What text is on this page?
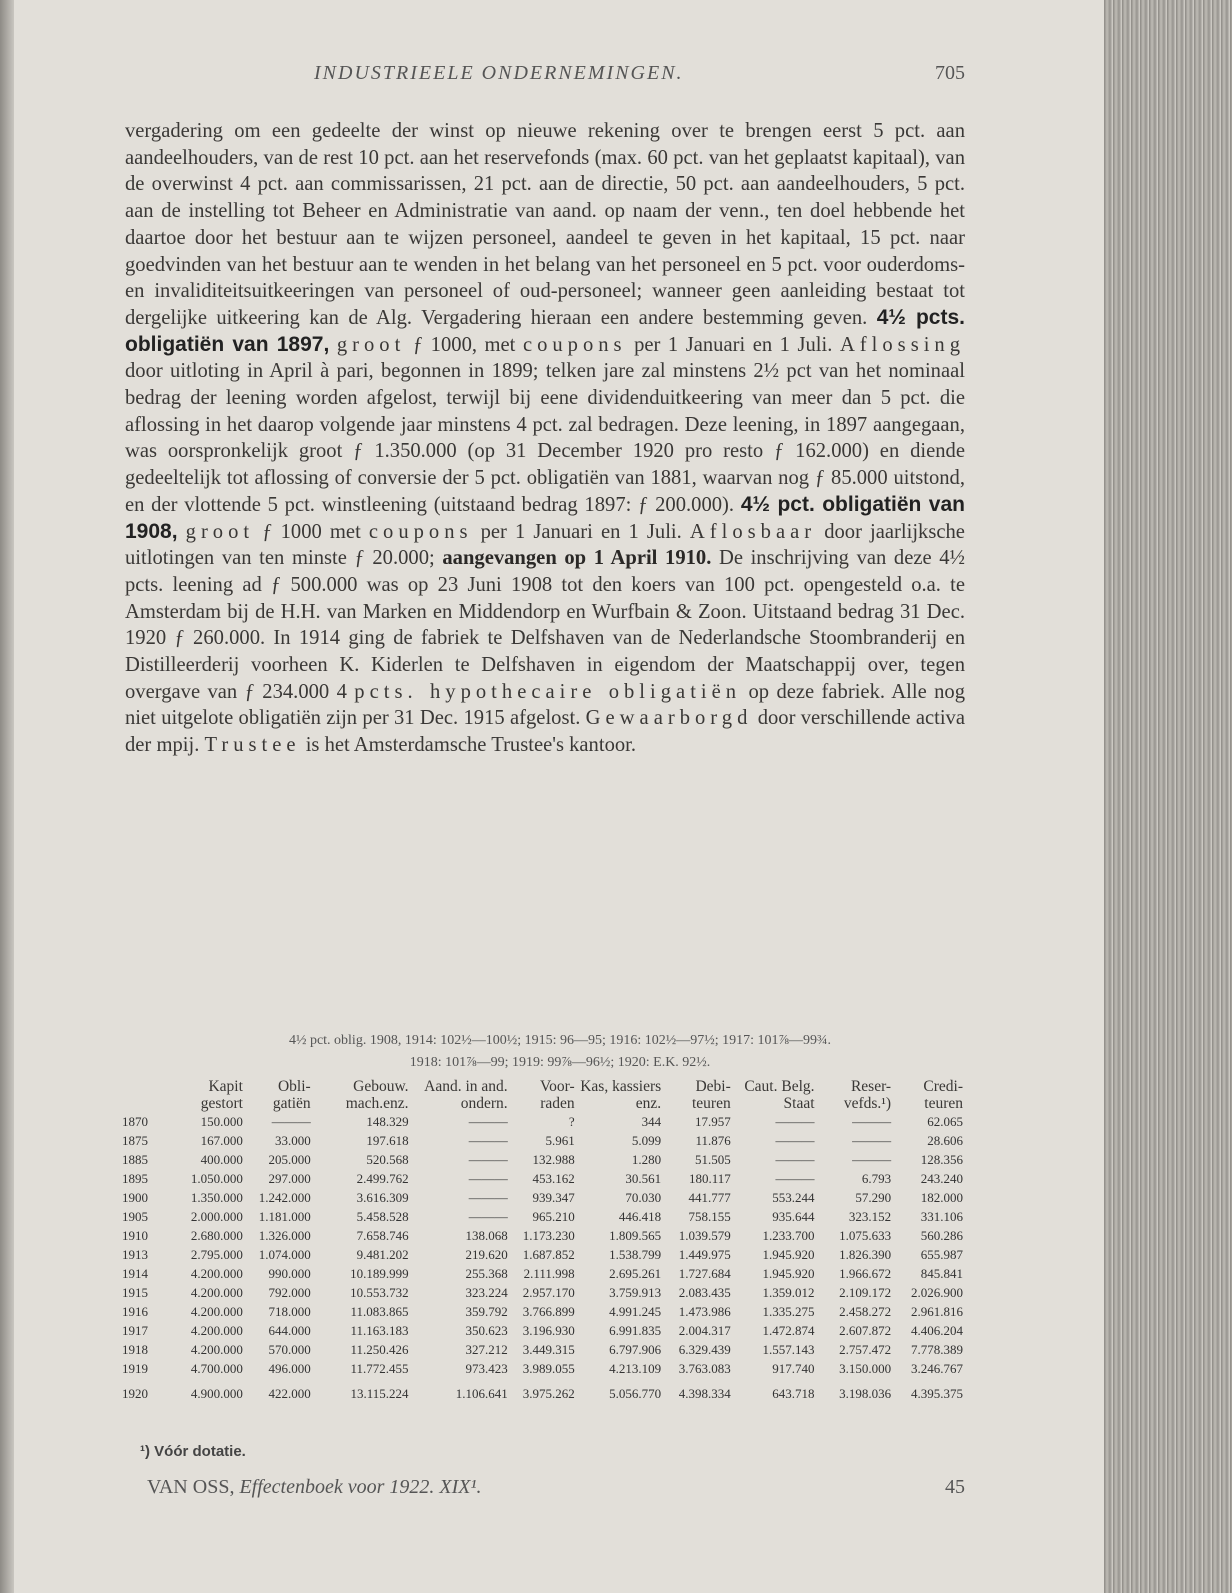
INDUSTRIEELE ONDERNEMINGEN.	705
vergadering om een gedeelte der winst op nieuwe rekening over te brengen eerst 5 pct. aan aandeelhouders, van de rest 10 pct. aan het reservefonds (max. 60 pct. van het geplaatst kapitaal), van de overwinst 4 pct. aan commissarissen, 21 pct. aan de directie, 50 pct. aan aandeelhouders, 5 pct. aan de instelling tot Beheer en Administratie van aand. op naam der venn., ten doel hebbende het daartoe door het bestuur aan te wijzen personeel, aandeel te geven in het kapitaal, 15 pct. naar goedvinden van het bestuur aan te wenden in het belang van het personeel en 5 pct. voor ouderdoms- en invaliditeitsuitkeeringen van personeel of oud-personeel; wanneer geen aanleiding bestaat tot dergelijke uitkeering kan de Alg. Vergadering hieraan een andere bestemming geven. 4½ pcts. obligatiën van 1897, groot ƒ 1000, met coupons per 1 Januari en 1 Juli. Aflossing door uitloting in April à pari, begonnen in 1899; telken jare zal minstens 2½ pct van het nominaal bedrag der leening worden afgelost, terwijl bij eene dividenduitkeering van meer dan 5 pct. die aflossing in het daarop volgende jaar minstens 4 pct. zal bedragen. Deze leening, in 1897 aangegaan, was oorspronkelijk groot ƒ 1.350.000 (op 31 December 1920 pro resto ƒ 162.000) en diende gedeeltelijk tot aflossing of conversie der 5 pct. obligatiën van 1881, waarvan nog ƒ 85.000 uitstond, en der vlottende 5 pct. winstleening (uitstaand bedrag 1897: ƒ 200.000). 4½ pct. obligatiën van 1908, groot ƒ 1000 met coupons per 1 Januari en 1 Juli. Aflosbaar door jaarlijksche uitlotingen van ten minste ƒ 20.000; aangevangen op 1 April 1910. De inschrijving van deze 4½ pcts. leening ad ƒ 500.000 was op 23 Juni 1908 tot den koers van 100 pct. opengesteld o.a. te Amsterdam bij de H.H. van Marken en Middendorp en Wurfbain & Zoon. Uitstaand bedrag 31 Dec. 1920 ƒ 260.000. In 1914 ging de fabriek te Delfshaven van de Nederlandsche Stoombranderij en Distilleerderij voorheen K. Kiderlen te Delfshaven in eigendom der Maatschappij over, tegen overgave van ƒ 234.000 4 pcts. hypothecaire obligatiën op deze fabriek. Alle nog niet uitgelote obligatiën zijn per 31 Dec. 1915 afgelost. Gewaarborgd door verschillende activa der mpij. Trustee is het Amsterdamsche Trustee's kantoor.
4½ pct. oblig. 1908, 1914: 102½—100½; 1915: 96—95; 1916: 102½—97½; 1917: 101⅞—99¾.
1918: 101⅞—99; 1919: 99⅞—96½; 1920: E.K. 92½.
	Kapit gestort	Obli- gatiën	Gebouw. mach.enz.	Aand. in and. ondern.	Voor- raden	Kas, kassiers enz.	Debi- teuren	Caut. Belg. Staat	Reser- vefds.¹)	Credi- teuren
1870	150.000	———	148.329	———	?	344	17.957	———	———	62.065
1875	167.000	33.000	197.618	———	5.961	5.099	11.876	———	———	28.606
1885	400.000	205.000	520.568	———	132.988	1.280	51.505	———	———	128.356
1895	1.050.000	297.000	2.499.762	———	453.162	30.561	180.117	———	6.793	243.240
1900	1.350.000	1.242.000	3.616.309	———	939.347	70.030	441.777	553.244	57.290	182.000
1905	2.000.000	1.181.000	5.458.528	———	965.210	446.418	758.155	935.644	323.152	331.106
1910	2.680.000	1.326.000	7.658.746	138.068	1.173.230	1.809.565	1.039.579	1.233.700	1.075.633	560.286
1913	2.795.000	1.074.000	9.481.202	219.620	1.687.852	1.538.799	1.449.975	1.945.920	1.826.390	655.987
1914	4.200.000	990.000	10.189.999	255.368	2.111.998	2.695.261	1.727.684	1.945.920	1.966.672	845.841
1915	4.200.000	792.000	10.553.732	323.224	2.957.170	3.759.913	2.083.435	1.359.012	2.109.172	2.026.900
1916	4.200.000	718.000	11.083.865	359.792	3.766.899	4.991.245	1.473.986	1.335.275	2.458.272	2.961.816
1917	4.200.000	644.000	11.163.183	350.623	3.196.930	6.991.835	2.004.317	1.472.874	2.607.872	4.406.204
1918	4.200.000	570.000	11.250.426	327.212	3.449.315	6.797.906	6.329.439	1.557.143	2.757.472	7.778.389
1919	4.700.000	496.000	11.772.455	973.423	3.989.055	4.213.109	3.763.083	917.740	3.150.000	3.246.767
1920	4.900.000	422.000	13.115.224	1.106.641	3.975.262	5.056.770	4.398.334	643.718	3.198.036	4.395.375
¹) Vóór dotatie.
VAN OSS, Effectenboek voor 1922. XIX¹.	45
